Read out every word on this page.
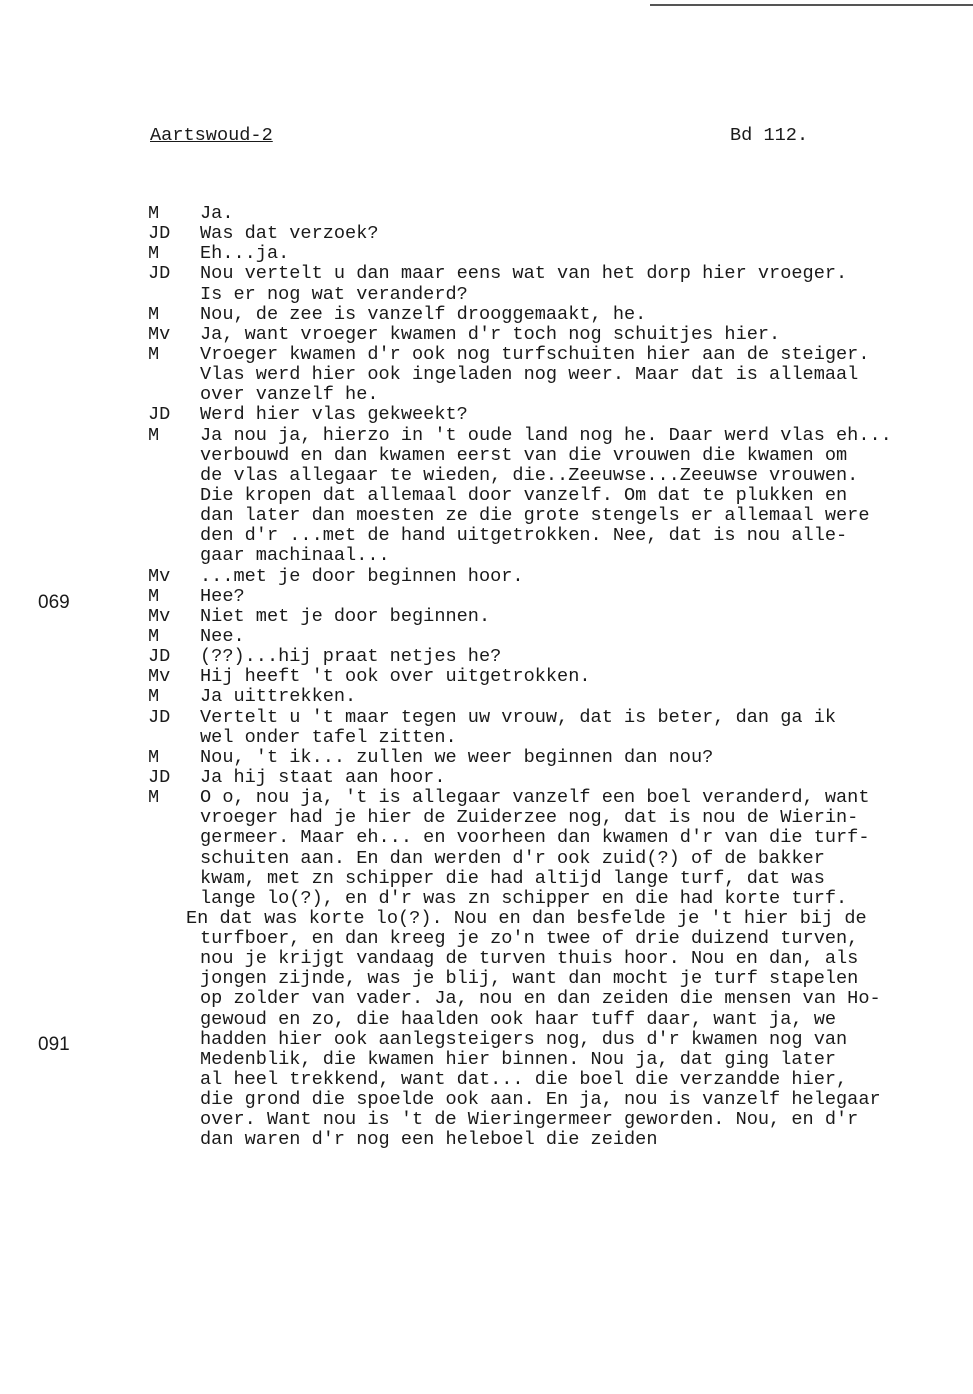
Aartswoud-2	Bd 112.
069
091
M	Ja.
JD	Was dat verzoek?
M	Eh...ja.
JD	Nou vertelt u dan maar eens wat van het dorp hier vroeger.
Is er nog wat veranderd?
M	Nou, de zee is vanzelf drooggemaakt, he.
Mv	Ja, want vroeger kwamen d'r toch nog schuitjes hier.
M	Vroeger kwamen d'r ook nog turfschuiten hier aan de steiger.
Vlas werd hier ook ingeladen nog weer. Maar dat is allemaal
over vanzelf he.
JD	Werd hier vlas gekweekt?
M	Ja nou ja, hierzo in 't oude land nog he. Daar werd vlas eh...
verbouwd en dan kwamen eerst van die vrouwen die kwamen om
de vlas allegaar te wieden, die..Zeeuwse...Zeeuwse vrouwen.
Die kropen dat allemaal door vanzelf. Om dat te plukken en
dan later dan moesten ze die grote stengels er allemaal were
den d'r ...met de hand uitgetrokken. Nee, dat is nou alle-
gaar machinaal...
Mv	...met je door beginnen hoor.
M	Hee?
Mv	Niet met je door beginnen.
M	Nee.
JD	(??)...hij praat netjes he?
Mv	Hij heeft 't ook over uitgetrokken.
M	Ja uittrekken.
JD	Vertelt u 't maar tegen uw vrouw, dat is beter, dan ga ik
wel onder tafel zitten.
M	Nou, 't ik... zullen we weer beginnen dan nou?
JD	Ja hij staat aan hoor.
M	O o, nou ja, 't is allegaar vanzelf een boel veranderd, want
vroeger had je hier de Zuiderzee nog, dat is nou de Wierin-
germeer. Maar eh... en voorheen dan kwamen d'r van die turf-
schuiten aan. En dan werden d'r ook zuid(?) of de bakker
kwam, met zn schipper die had altijd lange turf, dat was
lange lo(?), en d'r was zn schipper en die had korte turf.
En dat was korte lo(?). Nou en dan besfelde je 't hier bij de
turfboer, en dan kreeg je zo'n twee of drie duizend turven,
nou je krijgt vandaag de turven thuis hoor. Nou en dan, als
jongen zijnde, was je blij, want dan mocht je turf stapelen
op zolder van vader. Ja, nou en dan zeiden die mensen van Ho-
gewoud en zo, die haalden ook haar tuff daar, want ja, we
hadden hier ook aanlegsteigers nog, dus d'r kwamen nog van
Medenblik, die kwamen hier binnen. Nou ja, dat ging later
al heel trekkend, want dat... die boel die verzandde hier,
die grond die spoelde ook aan. En ja, nou is vanzelf helegaar
over. Want nou is 't de Wieringermeer geworden. Nou, en d'r
dan waren d'r nog een heleboel die zeiden
